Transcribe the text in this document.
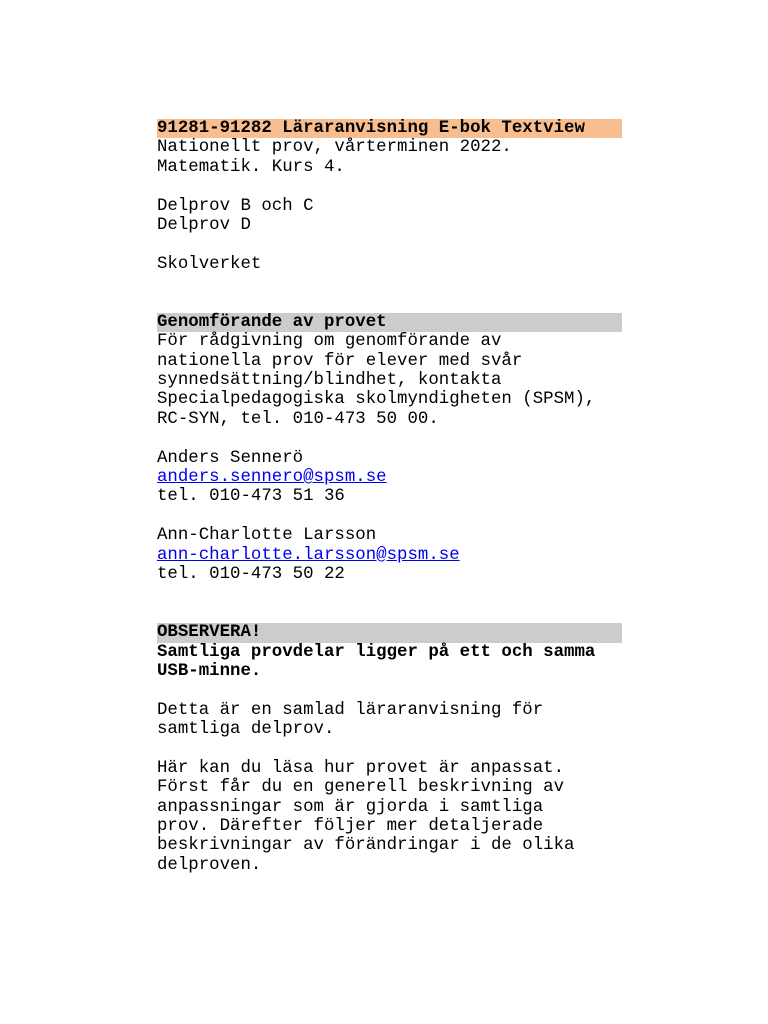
91281-91282 Läraranvisning E-bok Textview
Nationellt prov, vårterminen 2022.
Matematik. Kurs 4.
Delprov B och C
Delprov D
Skolverket
Genomförande av provet
För rådgivning om genomförande av
nationella prov för elever med svår
synnedsättning/blindhet, kontakta
Specialpedagogiska skolmyndigheten (SPSM),
RC-SYN, tel. 010-473 50 00.
Anders Sennerö
anders.sennero@spsm.se
tel. 010-473 51 36
Ann-Charlotte Larsson
ann-charlotte.larsson@spsm.se
tel. 010-473 50 22
OBSERVERA!
Samtliga provdelar ligger på ett och samma
USB-minne.
Detta är en samlad läraranvisning för
samtliga delprov.
Här kan du läsa hur provet är anpassat.
Först får du en generell beskrivning av
anpassningar som är gjorda i samtliga
prov. Därefter följer mer detaljerade
beskrivningar av förändringar i de olika
delproven.
